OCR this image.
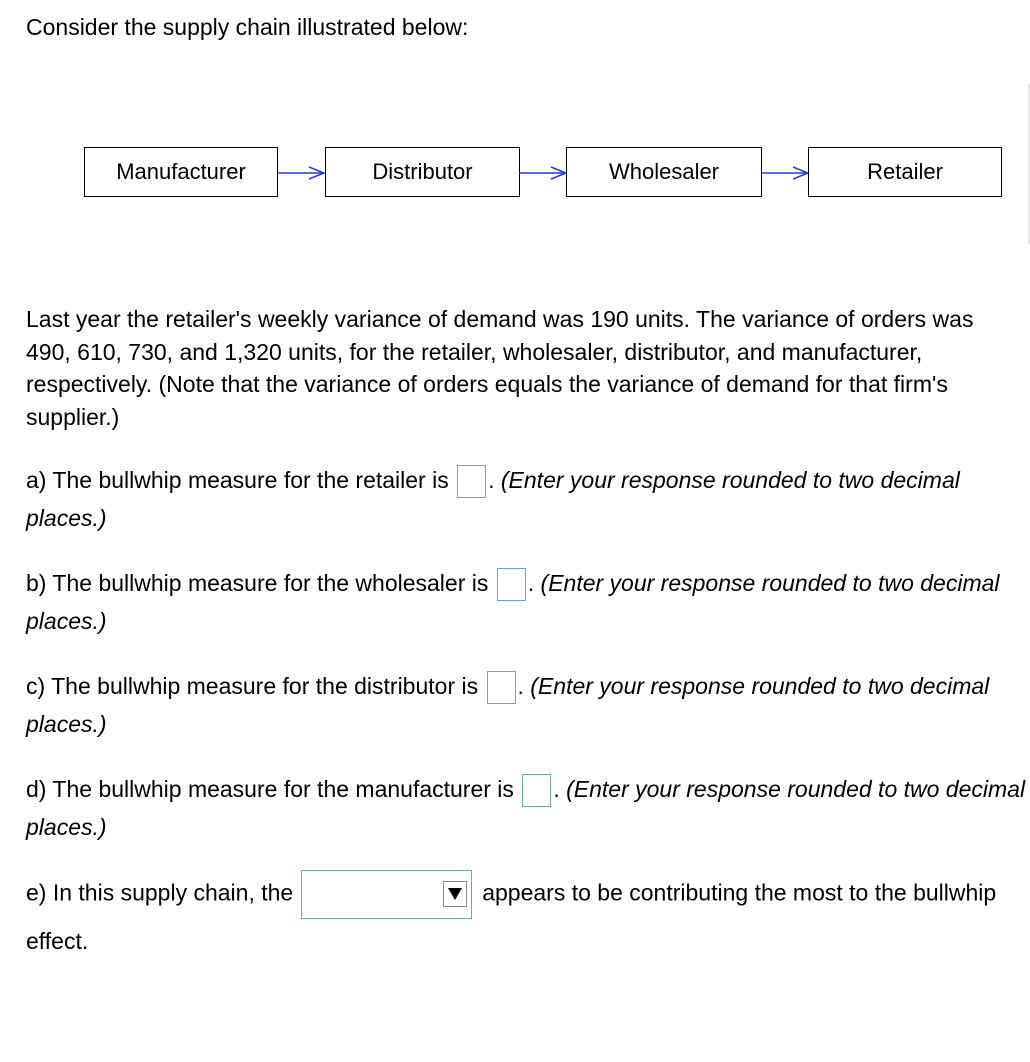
Consider the supply chain illustrated below:
Manufacturer	Distributor	Wholesaler	Retailer
Last year the retailer's weekly variance of demand was 190 units. The variance of orders was 490, 610, 730, and 1,320 units, for the retailer, wholesaler, distributor, and manufacturer, respectively. (Note that the variance of orders equals the variance of demand for that firm's supplier.)
a) The bullwhip measure for the retailer is . (Enter your response rounded to two decimal places.)
b) The bullwhip measure for the wholesaler is . (Enter your response rounded to two decimal places.)
c) The bullwhip measure for the distributor is . (Enter your response rounded to two decimal places.)
d) The bullwhip measure for the manufacturer is . (Enter your response rounded to two decimal places.)
e) In this supply chain, the	appears to be contributing the most to the bullwhip effect.
